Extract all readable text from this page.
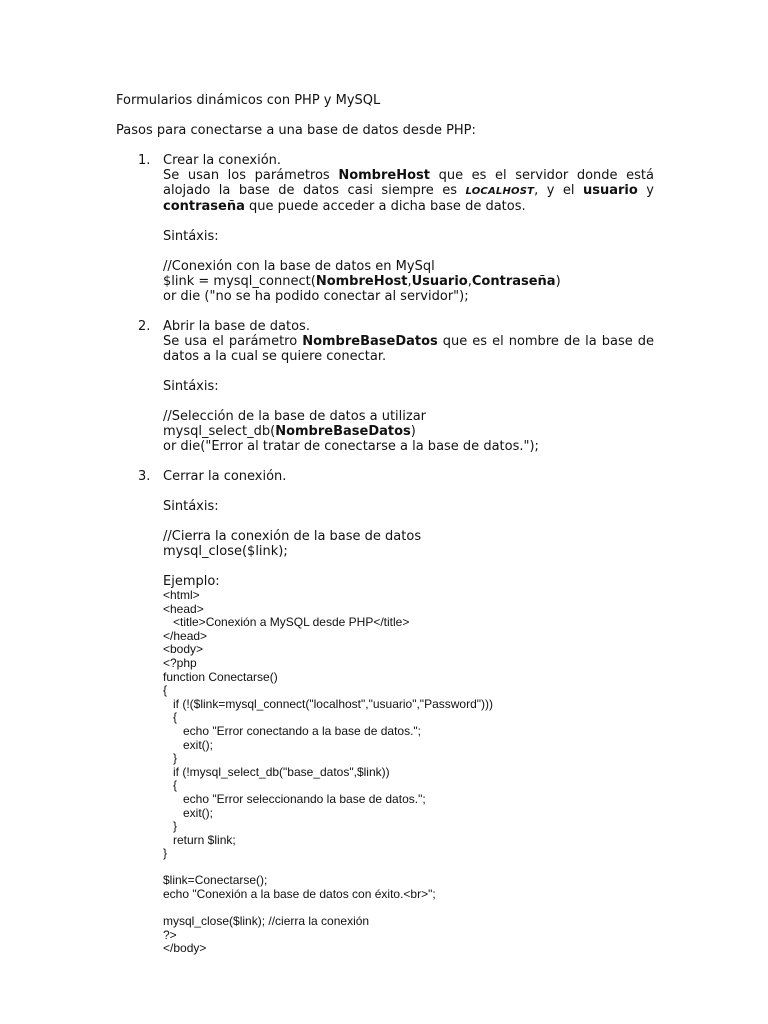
Formularios dinámicos con PHP y MySQL

Pasos para conectarse a una base de datos desde PHP:

1. Crear la conexión.
Se usan los parámetros NombreHost que es el servidor donde está alojado la base de datos casi siempre es LOCALHOST, y el usuario y contraseña que puede acceder a dicha base de datos.
Sintáxis:
//Conexión con la base de datos en MySql
$link = mysql_connect(NombreHost,Usuario,Contraseña)
or die ("no se ha podido conectar al servidor");
2. Abrir la base de datos.
Se usa el parámetro NombreBaseDatos que es el nombre de la base de datos a la cual se quiere conectar.
Sintáxis:
//Selección de la base de datos a utilizar
mysql_select_db(NombreBaseDatos)
or die("Error al tratar de conectarse a la base de datos.");
3. Cerrar la conexión.
Sintáxis:
//Cierra la conexión de la base de datos
mysql_close($link);
Ejemplo:
<html>
<head>
<title>Conexión a MySQL desde PHP</title>
</head>
<body>
<?php
function Conectarse()
{
if (!($link=mysql_connect("localhost","usuario","Password")))
{
echo "Error conectando a la base de datos.";
exit();
}
if (!mysql_select_db("base_datos",$link))
{
echo "Error seleccionando la base de datos.";
exit();
}
return $link;
}
$link=Conectarse();
echo "Conexión a la base de datos con éxito.<br>";
mysql_close($link); //cierra la conexión
?>
</body>
